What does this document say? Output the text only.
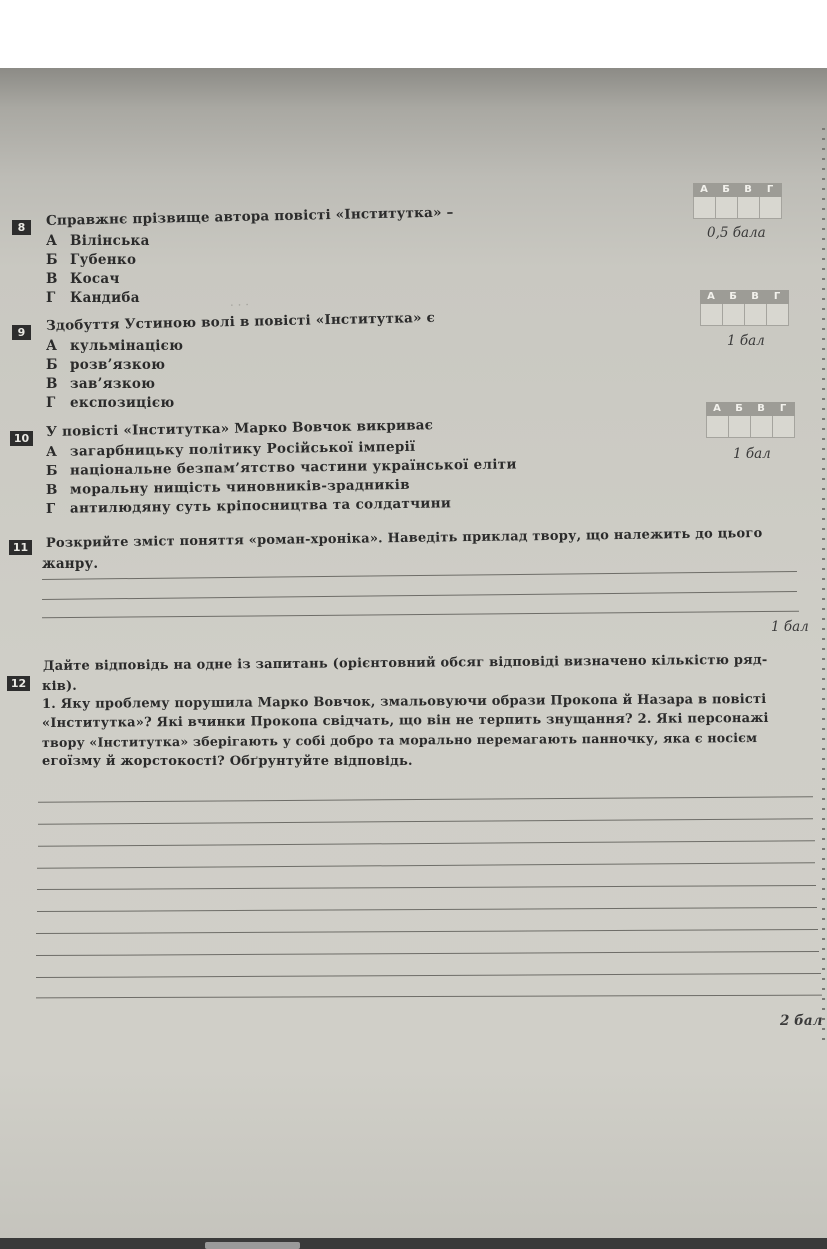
· · ·
8	Справжнє прізвище автора повісті «Інститутка» –
А Вілінська
Б Губенко
В Косач
Г Кандиба
А	Б	В	Г
0,5 бала
9	Здобуття Устиною волі в повісті «Інститутка» є
А кульмінацією
Б розв’язкою
В зав’язкою
Г експозицією
А	Б	В	Г
1 бал
10 У повісті «Інститутка» Марко Вовчок викриває
А загарбницьку політику Російської імперії
Б національне безпам’ятство частини української еліти
В моральну нищість чиновників-зрадників
Г антилюдяну суть кріпосництва та солдатчини
А	Б	В	Г
1 бал
11 Розкрийте зміст поняття «роман-хроніка». Наведіть приклад твору, що належить до цього
жанру.
1 бал
12
Дайте відповідь на одне із запитань (орієнтовний обсяг відповіді визначено кількістю ряд-
ків).
1. Яку проблему порушила Марко Вовчок, змальовуючи образи Прокопа й Назара в повісті
«Інститутка»? Які вчинки Прокопа свідчать, що він не терпить знущання? 2. Які персонажі
твору «Інститутка» зберігають у собі добро та морально перемагають панночку, яка є носієм
егоїзму й жорстокості? Обґрунтуйте відповідь.
2 бал
